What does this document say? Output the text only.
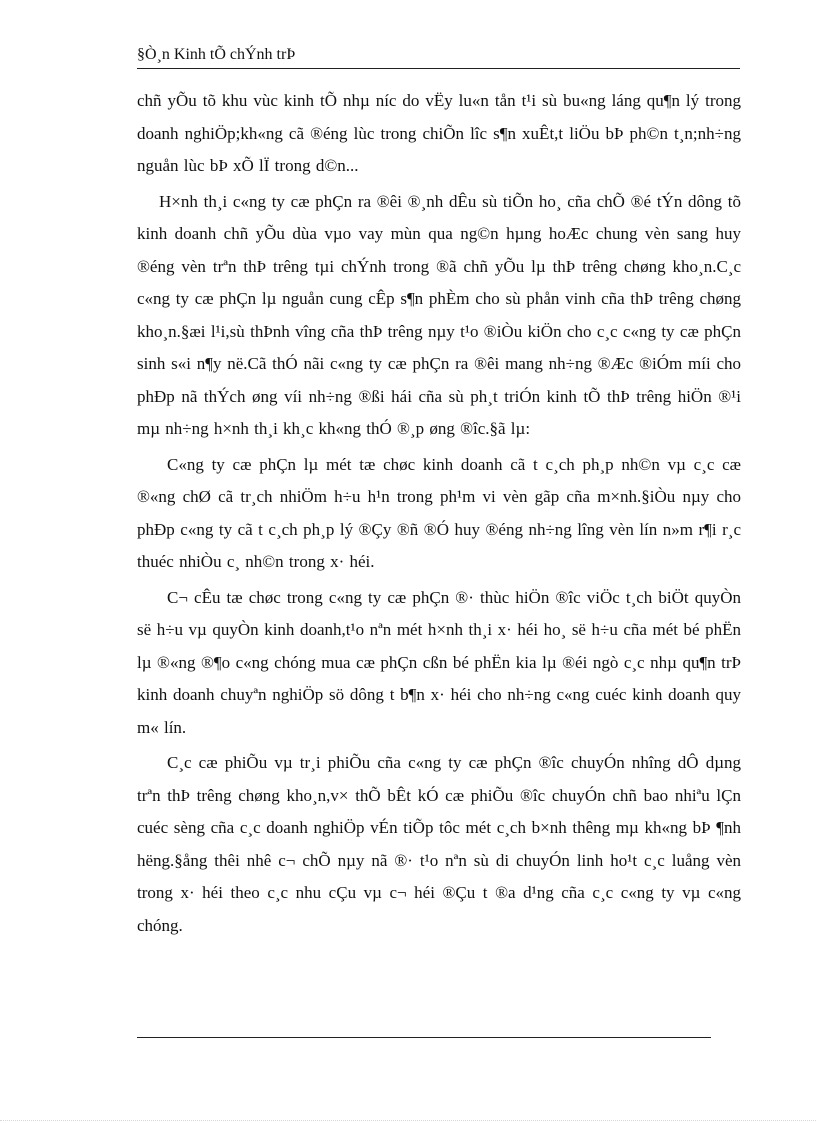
§Ò¸n Kinh tÕ chÝnh trÞ

chñ yÕu tõ khu vùc kinh tÕ nhµ níc do vËy lu«n tån t¹i sù bu«ng láng qu¶n lý trong doanh nghiÖp;kh«ng cã ®éng lùc trong chiÕn lîc s¶n xuÊt,t liÖu bÞ ph©n t¸n;nh÷ng nguån lùc bÞ xÕ lÏ trong d©n...

H×nh th¸i c«ng ty cæ phÇn ra ®êi ®¸nh dÊu sù tiÕn ho¸ cña chÕ ®é tÝn dông tõ kinh doanh chñ yÕu dùa vµo vay mùn qua ng©n hµng hoÆc chung vèn sang huy ®éng vèn trªn thÞ trêng tµi chÝnh trong ®ã chñ yÕu lµ thÞ trêng chøng kho¸n.C¸c c«ng ty cæ phÇn lµ nguån cung cÊp s¶n phÈm cho sù phån vinh cña thÞ trêng chøng kho¸n.§æi l¹i,sù thÞnh vîng cña thÞ trêng nµy t¹o ®iÒu kiÖn cho c¸c c«ng ty cæ phÇn sinh s«i n¶y në.Cã thÓ nãi c«ng ty cæ phÇn ra ®êi mang nh÷ng ®Æc ®iÓm míi cho phÐp nã thÝch øng víi nh÷ng ®ßi hái cña sù ph¸t triÓn kinh tÕ thÞ trêng hiÖn ®¹i mµ nh÷ng h×nh th¸i kh¸c kh«ng thÓ ®¸p øng ®îc.§ã lµ:

C«ng ty cæ phÇn lµ mét tæ chøc kinh doanh cã t c¸ch ph¸p nh©n vµ c¸c cæ ®«ng chØ cã tr¸ch nhiÖm h÷u h¹n trong ph¹m vi vèn gãp cña m×nh.§iÒu nµy cho phÐp c«ng ty cã t c¸ch ph¸p lý ®Çy ®ñ ®Ó huy ®éng nh÷ng lîng vèn lín n»m r¶i r¸c thuéc nhiÒu c¸ nh©n trong x· héi.

C¬ cÊu tæ chøc trong c«ng ty cæ phÇn ®· thùc hiÖn ®îc viÖc t¸ch biÖt quyÒn së h÷u vµ quyÒn kinh doanh,t¹o nªn mét h×nh th¸i x· héi ho¸ së h÷u cña mét bé phËn lµ ®«ng ®¶o c«ng chóng mua cæ phÇn cßn bé phËn kia lµ ®éi ngò c¸c nhµ qu¶n trÞ kinh doanh chuyªn nghiÖp sö dông t b¶n x· héi cho nh÷ng c«ng cuéc kinh doanh quy m« lín.

C¸c cæ phiÕu vµ tr¸i phiÕu cña c«ng ty cæ phÇn ®îc chuyÓn nhîng dÔ dµng trªn thÞ trêng chøng kho¸n,v× thÕ bÊt kÓ cæ phiÕu ®îc chuyÓn chñ bao nhiªu lÇn cuéc sèng cña c¸c doanh nghiÖp vÉn tiÕp tôc mét c¸ch b×nh thêng mµ kh«ng bÞ ¶nh hëng.§ång thêi nhê c¬ chÕ nµy nã ®· t¹o nªn sù di chuyÓn linh ho¹t c¸c luång vèn trong x· héi theo c¸c nhu cÇu vµ c¬ héi ®Çu t ®a d¹ng cña c¸c c«ng ty vµ c«ng chóng.
